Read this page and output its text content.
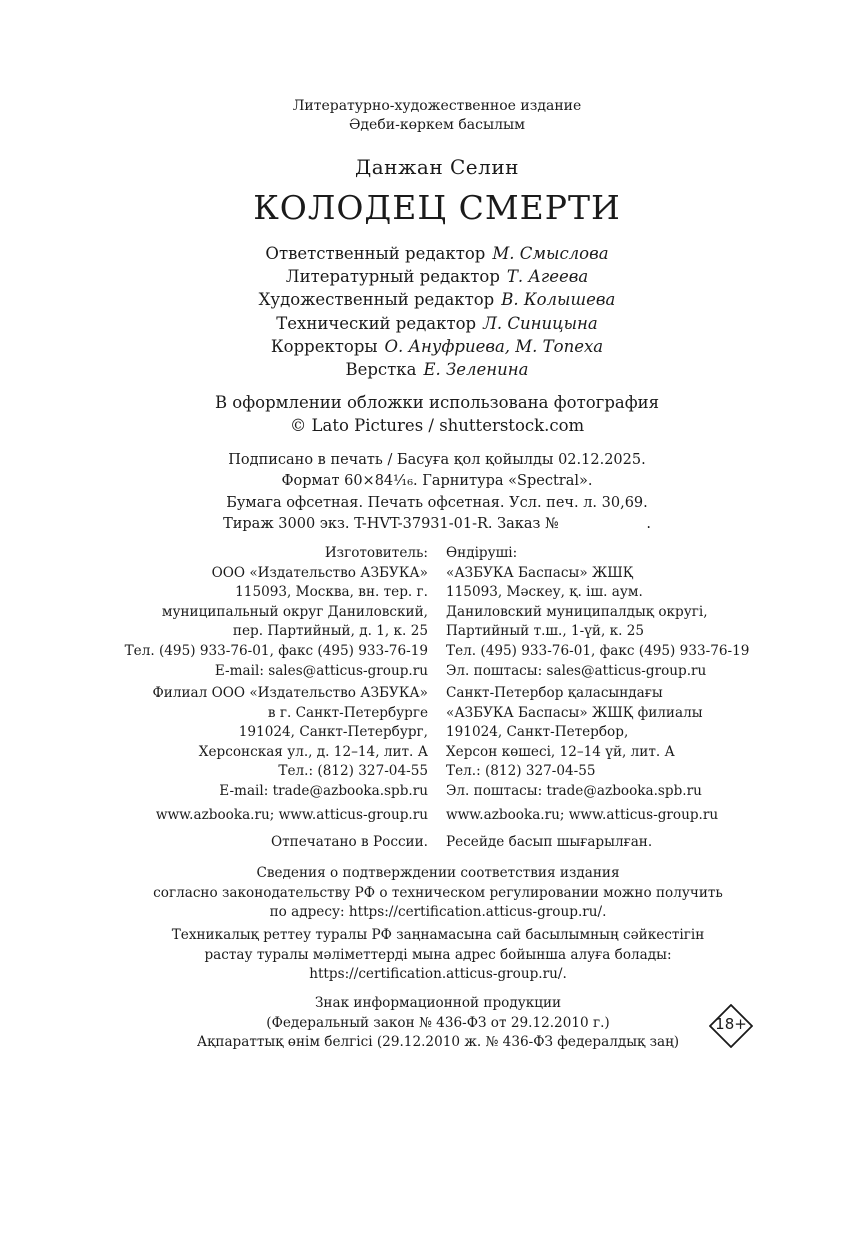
Литературно-художественное издание
Әдеби-көркем басылым
Данжан Селин
КОЛОДЕЦ СМЕРТИ
Ответственный редактор М. Смыслова
Литературный редактор Т. Агеева
Художественный редактор В. Колышева
Технический редактор Л. Синицына
Корректоры О. Ануфриева, М. Топеха
Верстка Е. Зеленина
В оформлении обложки использована фотография
© Lato Pictures / shutterstock.com
Подписано в печать / Басуға қол қойылды 02.12.2025.
Формат 60×84¹⁄₁₆. Гарнитура «Spectral».
Бумага офсетная. Печать офсетная. Усл. печ. л. 30,69.
Тираж 3000 экз. T-HVT-37931-01-R. Заказ №                   .
Изготовитель:
ООО «Издательство АЗБУКА»
115093, Москва, вн. тер. г.
муниципальный округ Даниловский,
пер. Партийный, д. 1, к. 25
Тел. (495) 933-76-01, факс (495) 933-76-19
E-mail: sales@atticus-group.ru
Өндіруші:
«АЗБУКА Баспасы» ЖШҚ
115093, Мәскеу, қ. іш. аум.
Даниловский муниципалдық округі,
Партийный т.ш., 1-үй, к. 25
Тел. (495) 933-76-01, факс (495) 933-76-19
Эл. поштасы: sales@atticus-group.ru
Филиал ООО «Издательство АЗБУКА»
в г. Санкт-Петербурге
191024, Санкт-Петербург,
Херсонская ул., д. 12–14, лит. А
Тел.: (812) 327-04-55
E-mail: trade@azbooka.spb.ru
Санкт-Петербор қаласындағы
«АЗБУКА Баспасы» ЖШҚ филиалы
191024, Санкт-Петербор,
Херсон көшесі, 12–14 үй, лит. А
Тел.: (812) 327-04-55
Эл. поштасы: trade@azbooka.spb.ru
www.azbooka.ru; www.atticus-group.ru www.azbooka.ru; www.atticus-group.ru
Отпечатано в России. Ресейде басып шығарылған.
Сведения о подтверждении соответствия издания
согласно законодательству РФ о техническом регулировании можно получить
по адресу: https://certification.atticus-group.ru/.
Техникалық реттеу туралы РФ заңнамасына сай басылымның сәйкестігін
растау туралы мәліметтерді мына адрес бойынша алуға болады:
https://certification.atticus-group.ru/.
Знак информационной продукции
(Федеральный закон № 436-ФЗ от 29.12.2010 г.)
Ақпараттық өнім белгісі (29.12.2010 ж. № 436-ФЗ федералдық заң)
18+
